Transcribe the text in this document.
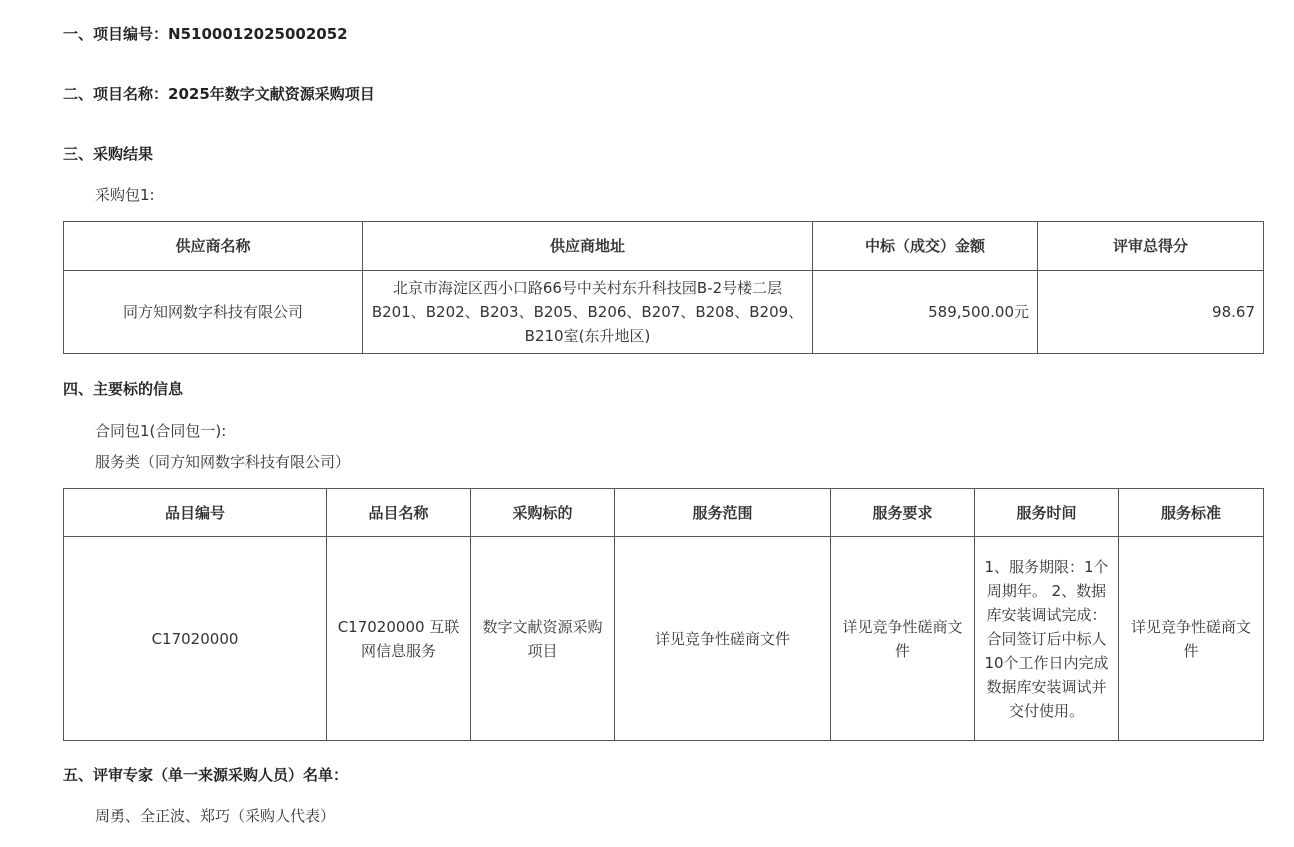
一、项目编号：N5100012025002052
二、项目名称：2025年数字文献资源采购项目
三、采购结果
采购包1:
供应商名称	供应商地址	中标（成交）金额	评审总得分
同方知网数字科技有限公司	北京市海淀区西小口路66号中关村东升科技园B-2号楼二层B201、B202、B203、B205、B206、B207、B208、B209、B210室(东升地区)	589,500.00元	98.67
四、主要标的信息
合同包1(合同包一):
服务类（同方知网数字科技有限公司）
品目编号	品目名称	采购标的	服务范围	服务要求	服务时间	服务标准
C17020000	C17020000 互联网信息服务	数字文献资源采购项目	详见竞争性磋商文件	详见竞争性磋商文件	1、服务期限：1个周期年。 2、数据库安装调试完成：合同签订后中标人10个工作日内完成数据库安装调试并交付使用。	详见竞争性磋商文件
五、评审专家（单一来源采购人员）名单：
周勇、全正波、郑巧（采购人代表）
